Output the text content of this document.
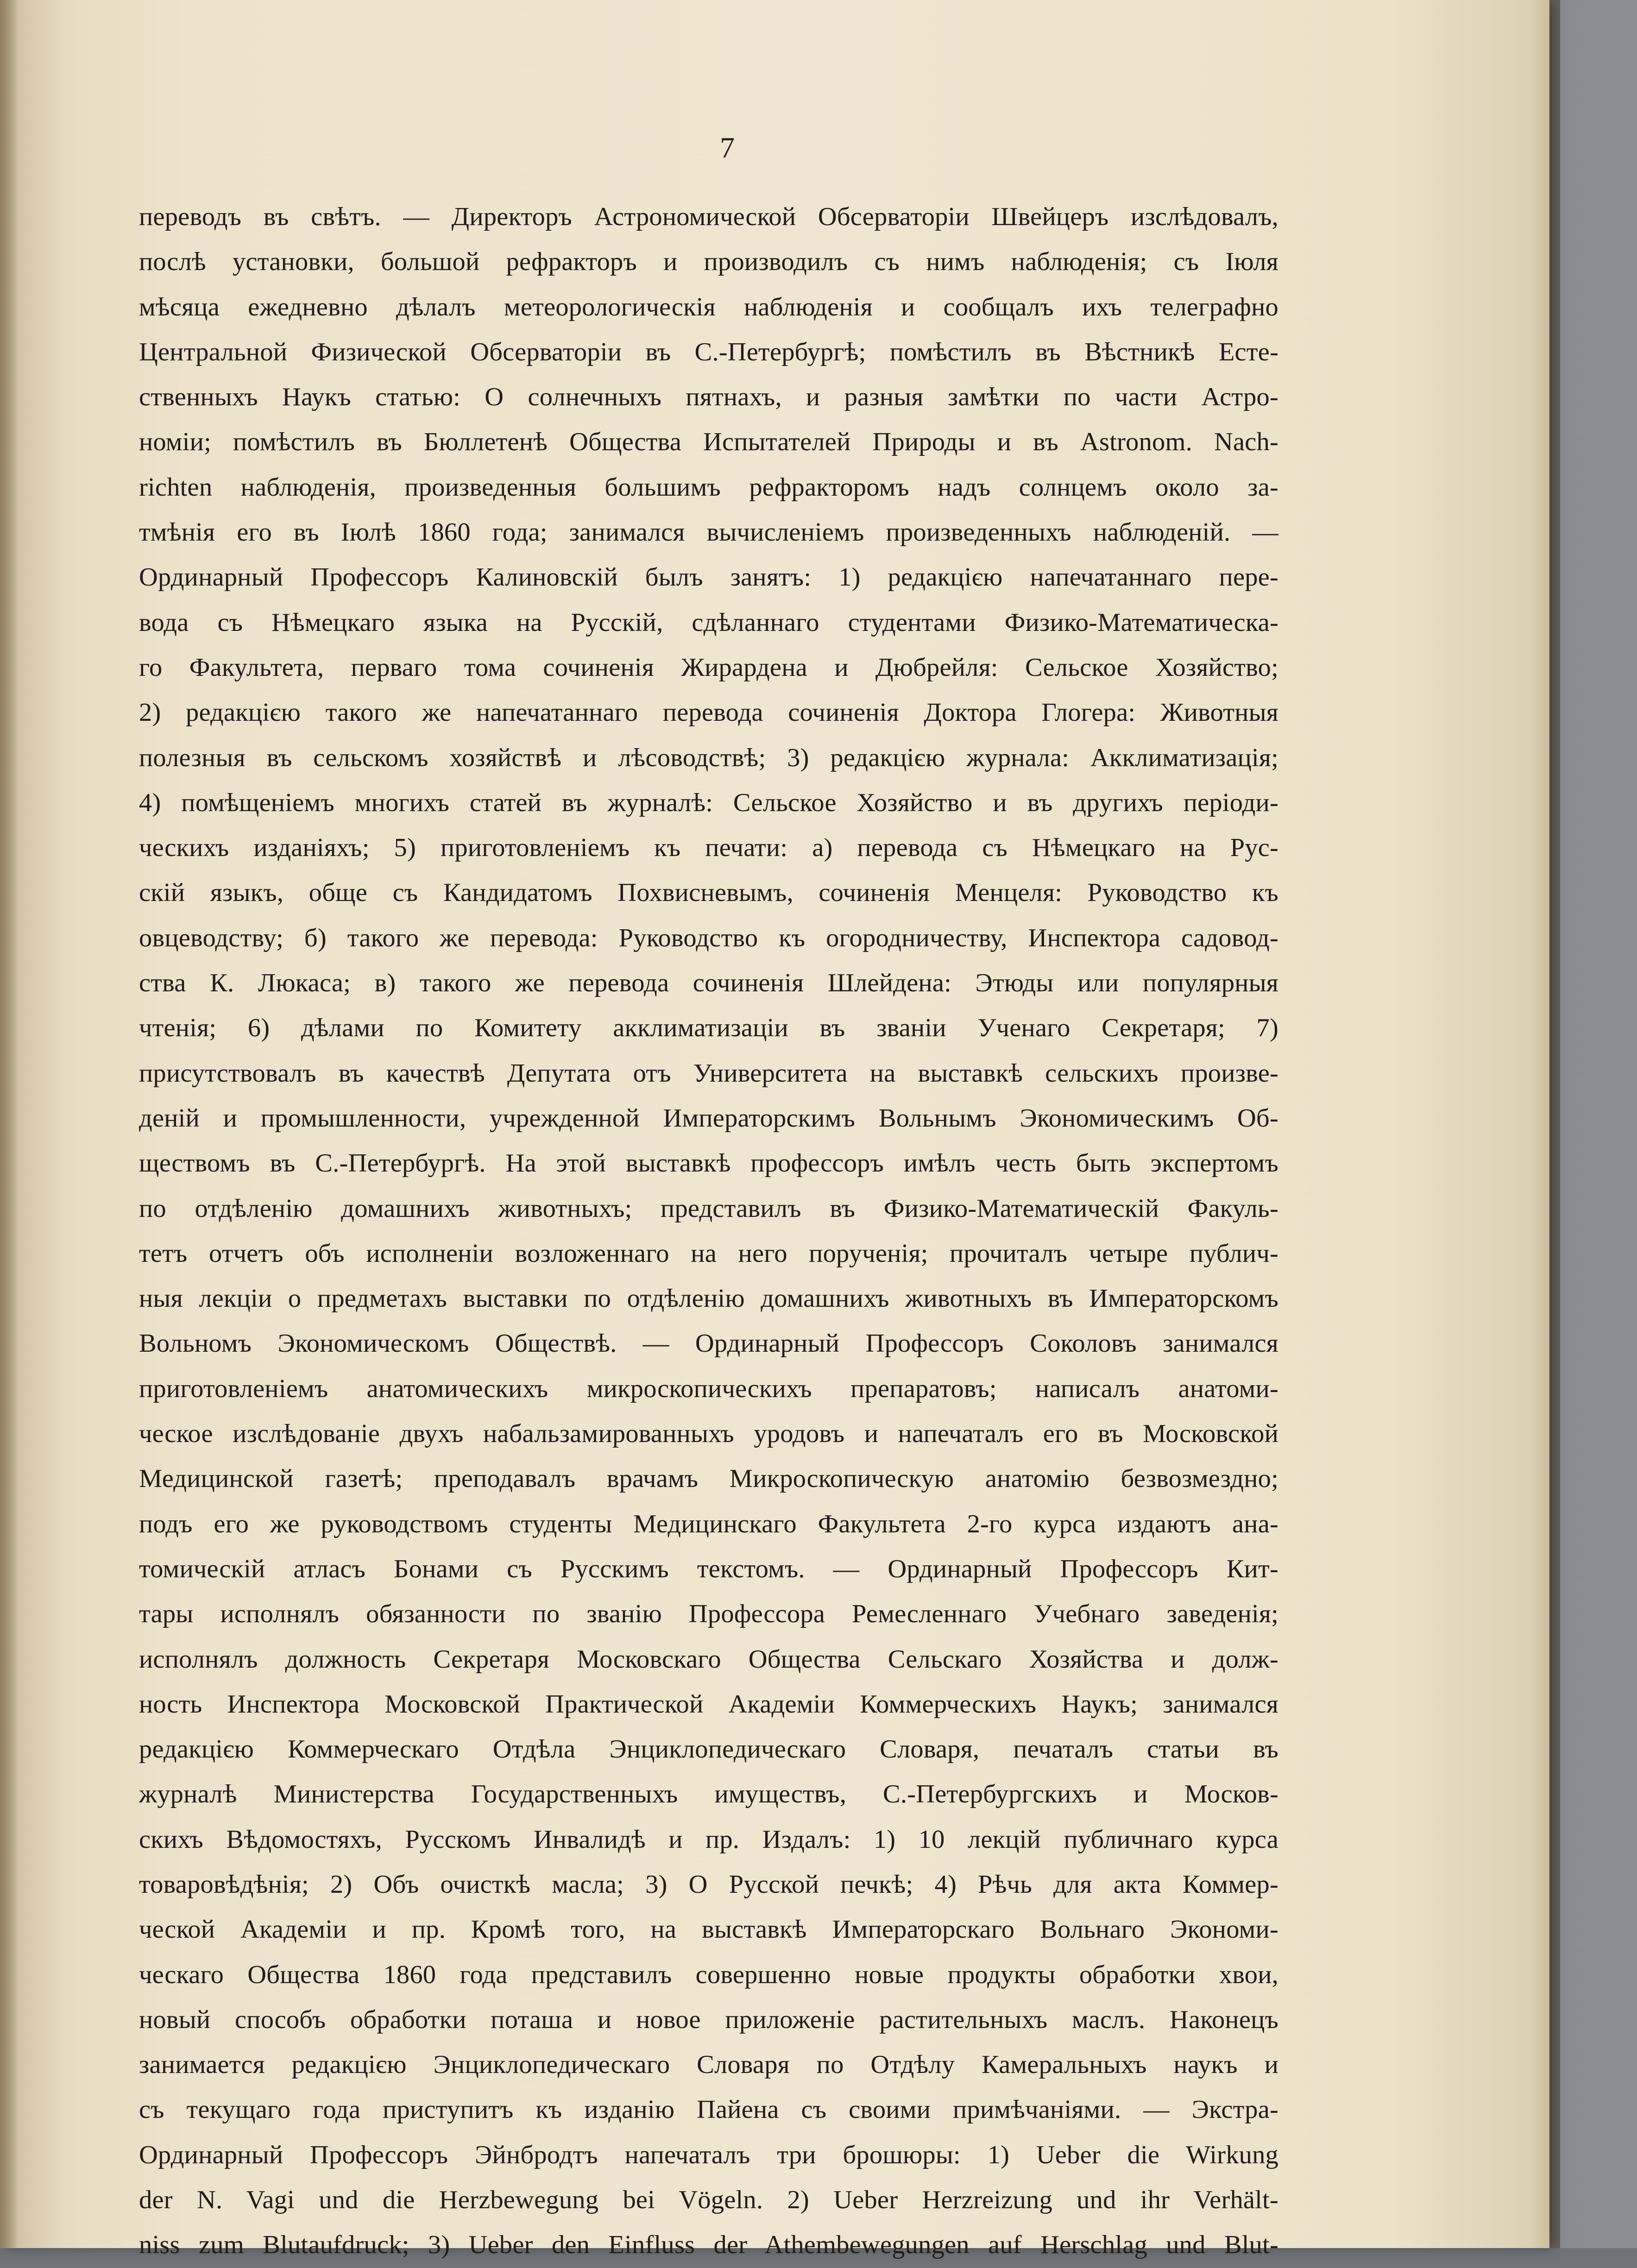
7
переводъ въ свѣтъ. — Директоръ Астрономической Обсерваторіи Швейцеръ изслѣдовалъ,
послѣ установки, большой рефракторъ и производилъ съ нимъ наблюденія; съ Іюля
мѣсяца ежедневно дѣлалъ метеорологическія наблюденія и сообщалъ ихъ телеграфно
Центральной Физической Обсерваторіи въ С.-Петербургѣ; помѣстилъ въ Вѣстникѣ Есте-
ственныхъ Наукъ статью: О солнечныхъ пятнахъ, и разныя замѣтки по части Астро-
номіи; помѣстилъ въ Бюллетенѣ Общества Испытателей Природы и въ Astronom. Nach-
richten наблюденія, произведенныя большимъ рефракторомъ надъ солнцемъ около за-
тмѣнія его въ Іюлѣ 1860 года; занимался вычисленіемъ произведенныхъ наблюденій. —
Ординарный Профессоръ Калиновскій былъ занятъ: 1) редакцією напечатаннаго пере-
вода съ Нѣмецкаго языка на Русскій, сдѣланнаго студентами Физико-Математическа-
го Факультета, перваго тома сочиненія Жирардена и Дюбрейля: Сельское Хозяйство;
2) редакцією такого же напечатаннаго перевода сочиненія Доктора Глогера: Животныя
полезныя въ сельскомъ хозяйствѣ и лѣсоводствѣ; 3) редакцією журнала: Акклиматизація;
4) помѣщеніемъ многихъ статей въ журналѣ: Сельское Хозяйство и въ другихъ періоди-
ческихъ изданіяхъ; 5) приготовленіемъ къ печати: а) перевода съ Нѣмецкаго на Рус-
скій языкъ, обще съ Кандидатомъ Похвисневымъ, сочиненія Менцеля: Руководство къ
овцеводству; б) такого же перевода: Руководство къ огородничеству, Инспектора садовод-
ства К. Люкаса; в) такого же перевода сочиненія Шлейдена: Этюды или популярныя
чтенія; 6) дѣлами по Комитету акклиматизаціи въ званіи Ученаго Секретаря; 7)
присутствовалъ въ качествѣ Депутата отъ Университета на выставкѣ сельскихъ произве-
деній и промышленности, учрежденной Императорскимъ Вольнымъ Экономическимъ Об-
ществомъ въ С.-Петербургѣ. На этой выставкѣ профессоръ имѣлъ честь быть экспертомъ
по отдѣленію домашнихъ животныхъ; представилъ въ Физико-Математическій Факуль-
тетъ отчетъ объ исполненіи возложеннаго на него порученія; прочиталъ четыре публич-
ныя лекціи о предметахъ выставки по отдѣленію домашнихъ животныхъ въ Императорскомъ
Вольномъ Экономическомъ Обществѣ. — Ординарный Профессоръ Соколовъ занимался
приготовленіемъ анатомическихъ микроскопическихъ препаратовъ; написалъ анатоми-
ческое изслѣдованіе двухъ набальзамированныхъ уродовъ и напечаталъ его въ Московской
Медицинской газетѣ; преподавалъ врачамъ Микроскопическую анатомію безвозмездно;
подъ его же руководствомъ студенты Медицинскаго Факультета 2-го курса издаютъ ана-
томическій атласъ Бонами съ Русскимъ текстомъ. — Ординарный Профессоръ Кит-
тары исполнялъ обязанности по званію Профессора Ремесленнаго Учебнаго заведенія;
исполнялъ должность Секретаря Московскаго Общества Сельскаго Хозяйства и долж-
ность Инспектора Московской Практической Академіи Коммерческихъ Наукъ; занимался
редакцією Коммерческаго Отдѣла Энциклопедическаго Словаря, печаталъ статьи въ
журналѣ Министерства Государственныхъ имуществъ, С.-Петербургскихъ и Москов-
скихъ Вѣдомостяхъ, Русскомъ Инвалидѣ и пр. Издалъ: 1) 10 лекцій публичнаго курса
товаровѣдѣнія; 2) Объ очисткѣ масла; 3) О Русской печкѣ; 4) Рѣчь для акта Коммер-
ческой Академіи и пр. Кромѣ того, на выставкѣ Императорскаго Вольнаго Экономи-
ческаго Общества 1860 года представилъ совершенно новые продукты обработки хвои,
новый способъ обработки поташа и новое приложеніе растительныхъ маслъ. Наконецъ
занимается редакцією Энциклопедическаго Словаря по Отдѣлу Камеральныхъ наукъ и
съ текущаго года приступитъ къ изданію Пайена съ своими примѣчаніями. — Экстра-
Ординарный Профессоръ Эйнбродтъ напечаталъ три брошюры: 1) Ueber die Wirkung
der N. Vagi und die Herzbewegung bei Vögeln. 2) Ueber Herzreizung und ihr Verhält-
niss zum Blutaufdruck; 3) Ueber den Einfluss der Athembewegungen auf Herschlag und Blut-
